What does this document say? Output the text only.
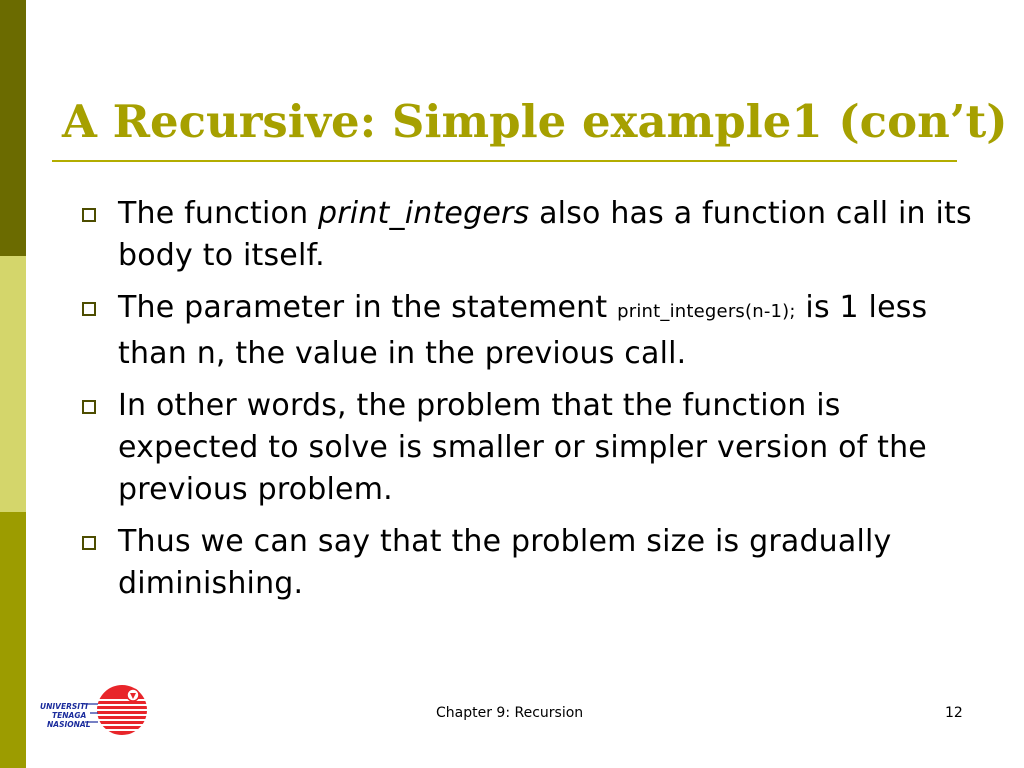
A Recursive: Simple example1 (con’t)
The function print_integers also has a function call in its body to itself.
The parameter in the statement print_integers(n-1); is 1 less than n, the value in the previous call.
In other words, the problem that the function is expected to solve is smaller or simpler version of the previous problem.
Thus we can say that the problem size is gradually diminishing.
UNIVERSITI
TENAGA
NASIONAL
Chapter 9: Recursion	12
